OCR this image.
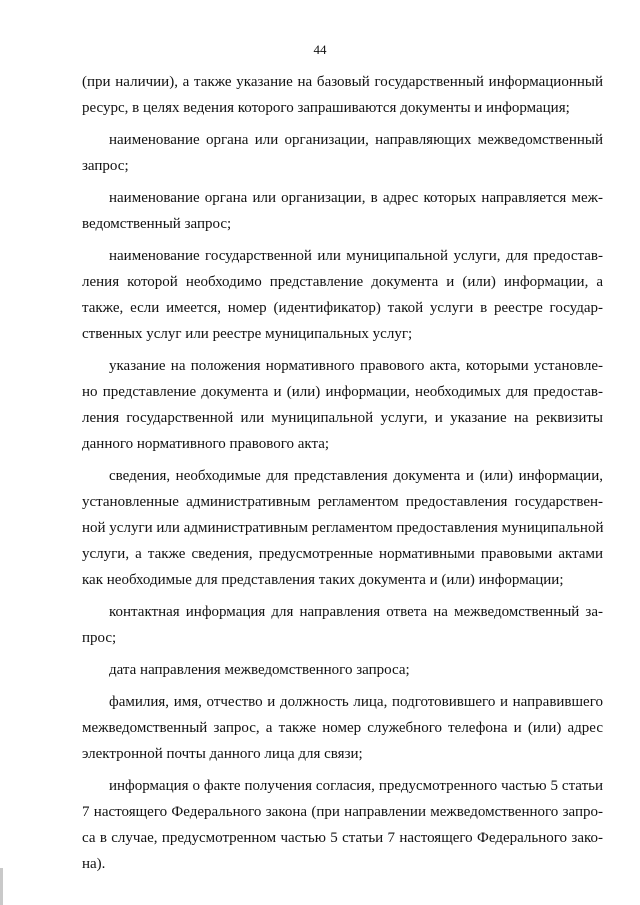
44
(при наличии), а также указание на базовый государственный информационный
ресурс, в целях ведения которого запрашиваются документы и информация;
наименование органа или организации, направляющих межведомственный
запрос;
наименование органа или организации, в адрес которых направляется меж-
ведомственный запрос;
наименование государственной или муниципальной услуги, для предостав-
ления которой необходимо представление документа и (или) информации, а
также, если имеется, номер (идентификатор) такой услуги в реестре государ-
ственных услуг или реестре муниципальных услуг;
указание на положения нормативного правового акта, которыми установле-
но представление документа и (или) информации, необходимых для предостав-
ления государственной или муниципальной услуги, и указание на реквизиты
данного нормативного правового акта;
сведения, необходимые для представления документа и (или) информации,
установленные административным регламентом предоставления государствен-
ной услуги или административным регламентом предоставления муниципальной
услуги, а также сведения, предусмотренные нормативными правовыми актами
как необходимые для представления таких документа и (или) информации;
контактная информация для направления ответа на межведомственный за-
прос;
дата направления межведомственного запроса;
фамилия, имя, отчество и должность лица, подготовившего и направившего
межведомственный запрос, а также номер служебного телефона и (или) адрес
электронной почты данного лица для связи;
информация о факте получения согласия, предусмотренного частью 5 статьи
7 настоящего Федерального закона (при направлении межведомственного запро-
са в случае, предусмотренном частью 5 статьи 7 настоящего Федерального зако-
на).
